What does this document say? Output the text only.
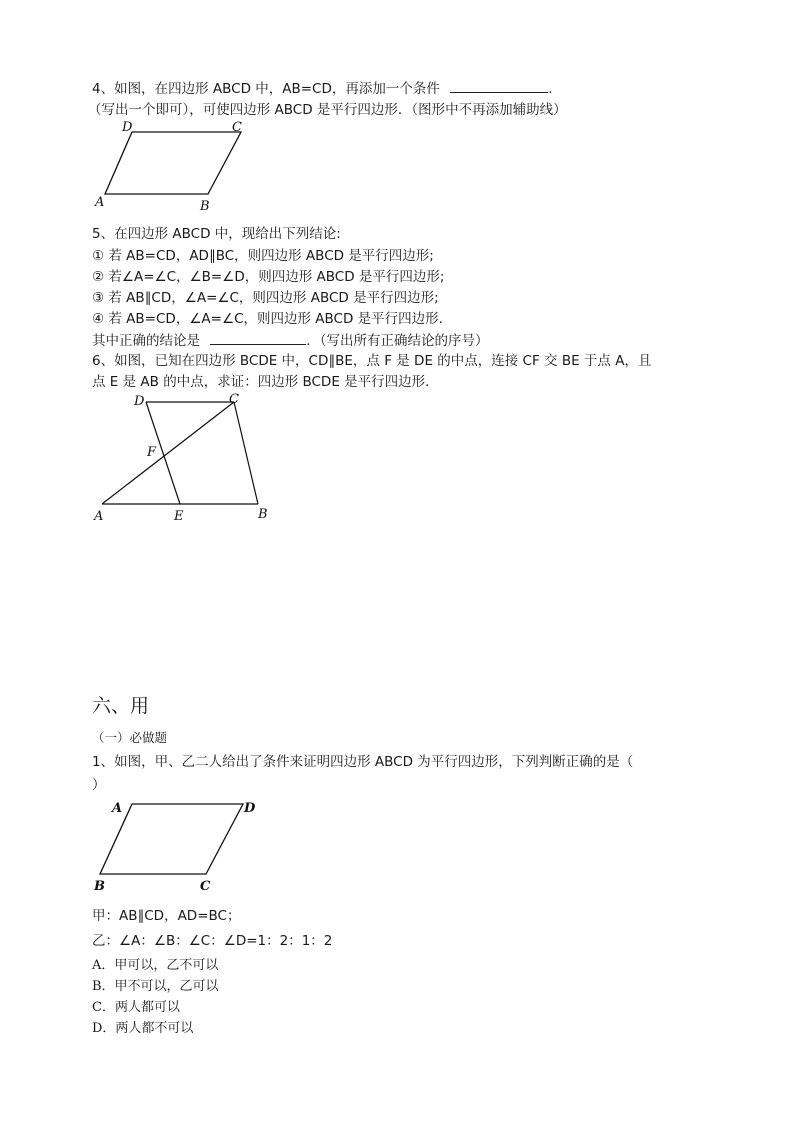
4、如图，在四边形 ABCD 中，AB=CD，再添加一个条件	.
（写出一个即可），可使四边形 ABCD 是平行四边形．（图形中不再添加辅助线）
D	C
A	B
5、在四边形 ABCD 中，现给出下列结论:
① 若 AB=CD，AD∥BC，则四边形 ABCD 是平行四边形;
② 若∠A=∠C，∠B=∠D，则四边形 ABCD 是平行四边形;
③ 若 AB∥CD，∠A=∠C，则四边形 ABCD 是平行四边形;
④ 若 AB=CD，∠A=∠C，则四边形 ABCD 是平行四边形．
其中正确的结论是	．（写出所有正确结论的序号）
6、如图，已知在四边形 BCDE 中，CD∥BE，点 F 是 DE 的中点，连接 CF 交 BE 于点 A，且
点 E 是 AB 的中点，求证：四边形 BCDE 是平行四边形．
D	C
F
A	E	B
六、用
（一）必做题
1、如图，甲、乙二人给出了条件来证明四边形 ABCD 为平行四边形，下列判断正确的是（
）
A	D
B	C
甲：AB∥CD，AD=BC；
乙：∠A：∠B：∠C：∠D=1：2：1：2
A．甲可以，乙不可以
B．甲不可以，乙可以
C．两人都可以
D．两人都不可以
